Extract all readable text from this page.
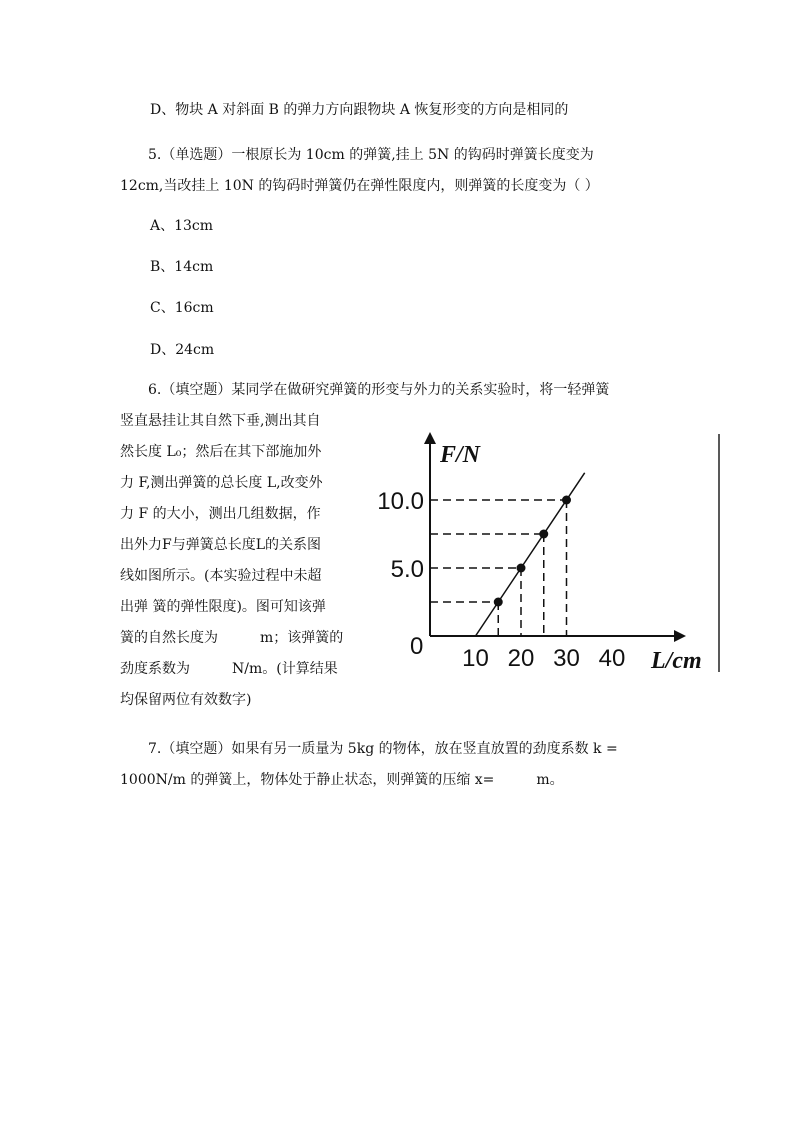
D、物块 A 对斜面 B 的弹力方向跟物块 A 恢复形变的方向是相同的
5.（单选题）一根原长为 10cm 的弹簧,挂上 5N 的钩码时弹簧长度变为
12cm,当改挂上 10N 的钩码时弹簧仍在弹性限度内，则弹簧的长度变为（ ）
A、13cm
B、14cm
C、16cm
D、24cm
6.（填空题）某同学在做研究弹簧的形变与外力的关系实验时，将一轻弹簧
竖直悬挂让其自然下垂,测出其自
然长度 L₀；然后在其下部施加外
力 F,测出弹簧的总长度 L,改变外
力 F 的大小，测出几组数据，作
出外力F与弹簧总长度L的关系图
线如图所示。(本实验过程中未超
出弹 簧的弹性限度)。图可知该弹
簧的自然长度为　　　m；该弹簧的
劲度系数为　　　N/m。(计算结果
均保留两位有效数字)
10 20 30 40
5.0
10.0
0
F/N
L/cm
7.（填空题）如果有另一质量为 5kg 的物体，放在竖直放置的劲度系数 k =
1000N/m 的弹簧上，物体处于静止状态，则弹簧的压缩 x=　　　m。
